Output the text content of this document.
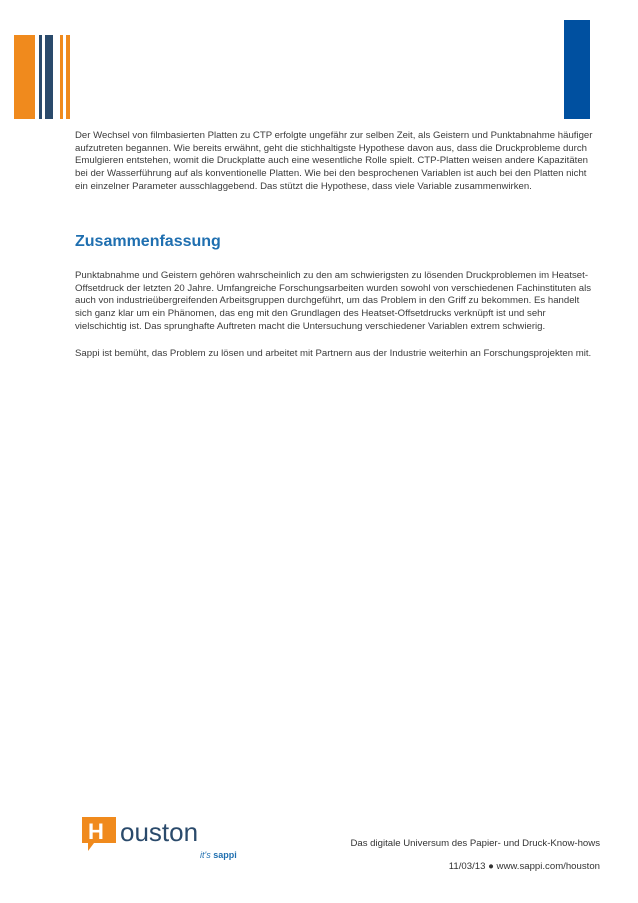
Der Wechsel von filmbasierten Platten zu CTP erfolgte ungefähr zur selben Zeit, als Geistern und Punktabnahme häufiger aufzutreten begannen. Wie bereits erwähnt, geht die stichhaltigste Hypothese davon aus, dass die Druckprobleme durch Emulgieren entstehen, womit die Druckplatte auch eine wesentliche Rolle spielt. CTP-Platten weisen andere Kapazitäten bei der Wasserführung auf als konventionelle Platten. Wie bei den besprochenen Variablen ist auch bei den Platten nicht ein einzelner Parameter ausschlaggebend. Das stützt die Hypothese, dass viele Variable zusammenwirken.

Zusammenfassung

Punktabnahme und Geistern gehören wahrscheinlich zu den am schwierigsten zu lösenden Druckproblemen im Heatset-Offsetdruck der letzten 20 Jahre. Umfangreiche Forschungsarbeiten wurden sowohl von verschiedenen Fachinstituten als auch von industrieübergreifenden Arbeitsgruppen durchgeführt, um das Problem in den Griff zu bekommen. Es handelt sich ganz klar um ein Phänomen, das eng mit den Grundlagen des Heatset-Offsetdrucks verknüpft ist und sehr vielschichtig ist. Das sprunghafte Auftreten macht die Untersuchung verschiedener Variablen extrem schwierig.

Sappi ist bemüht, das Problem zu lösen und arbeitet mit Partnern aus der Industrie weiterhin an Forschungsprojekten mit.

H ouston
it's sappi
Das digitale Universum des Papier- und Druck-Know-hows
11/03/13 ● www.sappi.com/houston
